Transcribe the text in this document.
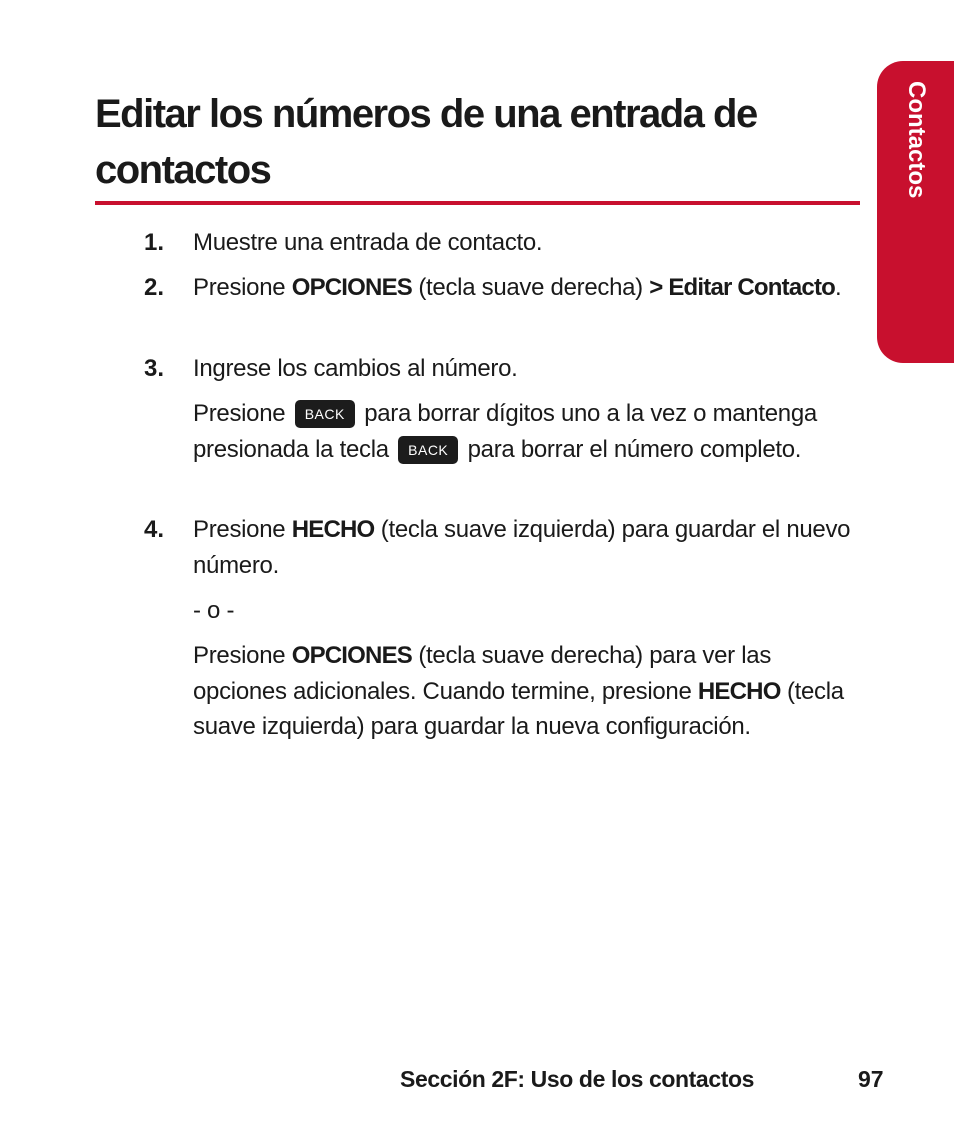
Editar los números de una entrada de contactos	Contactos
1. Muestre una entrada de contacto.

2. Presione OPCIONES (tecla suave derecha) > Editar Contacto.

3. Ingrese los cambios al número.

Presione BACK para borrar dígitos uno a la vez o mantenga presionada la tecla BACK para borrar el número completo.

4. Presione HECHO (tecla suave izquierda) para guardar el nuevo número.

- o -

Presione OPCIONES (tecla suave derecha) para ver las opciones adicionales. Cuando termine, presione HECHO (tecla suave izquierda) para guardar la nueva configuración.

Sección 2F: Uso de los contactos	97
